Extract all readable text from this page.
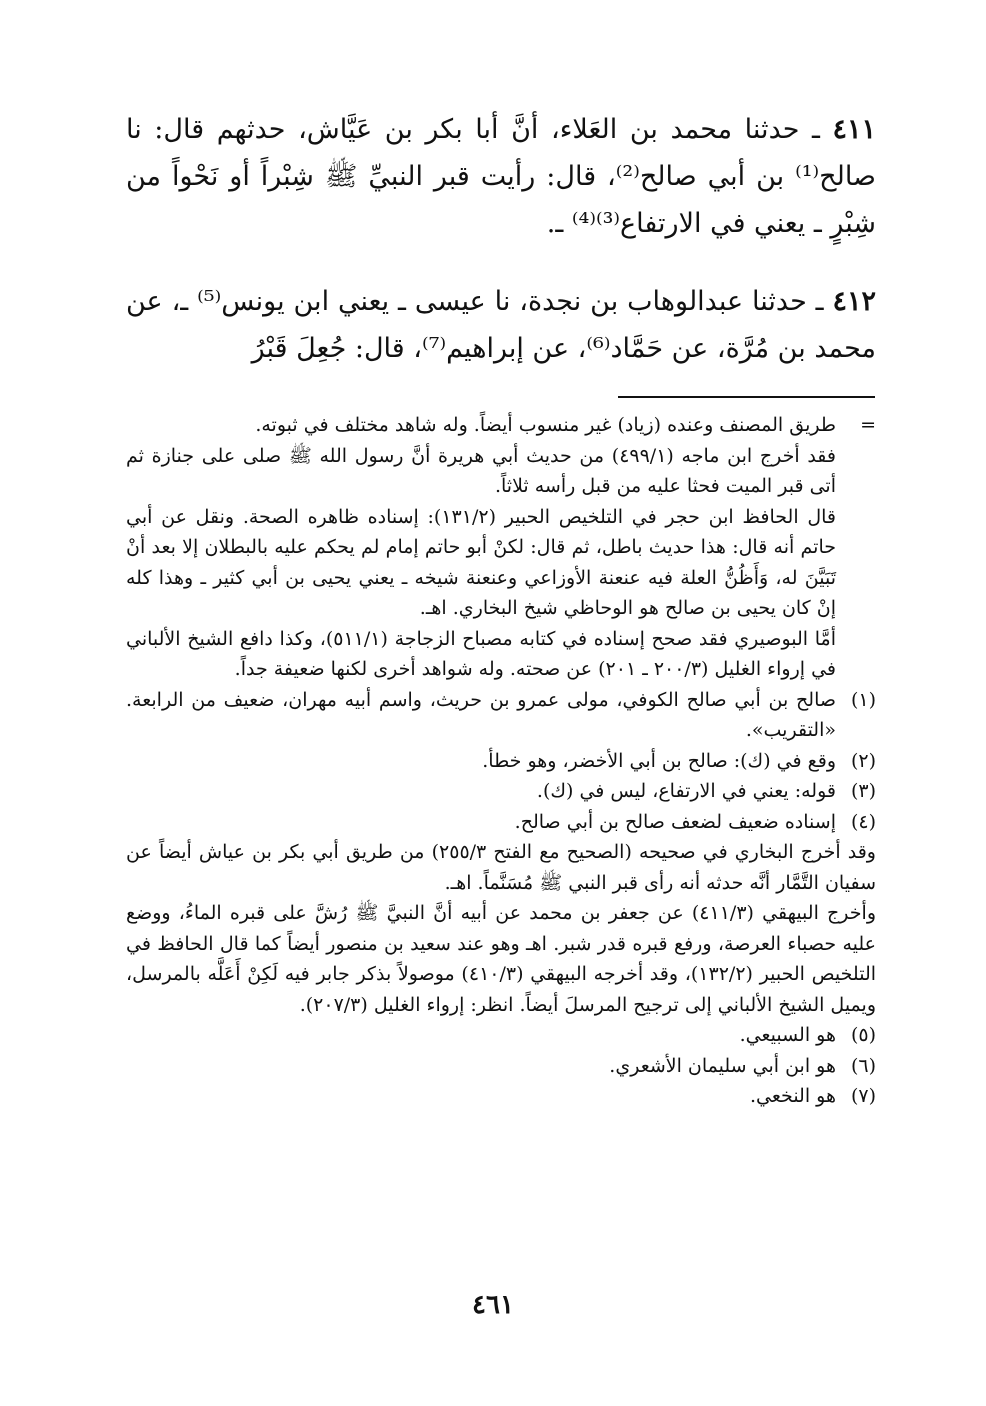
٤١١ ـ حدثنا محمد بن العَلاء، أنَّ أبا بكر بن عَيَّاش، حدثهم قال: نا صالح⁽¹⁾ بن أبي صالح⁽²⁾، قال: رأيت قبر النبيِّ ﷺ شِبْراً أو نَحْواً من شِبْرٍ ـ يعني في الارتفاع⁽³⁾⁽⁴⁾ ـ.
٤١٢ ـ حدثنا عبدالوهاب بن نجدة، نا عيسى ـ يعني ابن يونس⁽⁵⁾ ـ، عن محمد بن مُرَّة، عن حَمَّاد⁽⁶⁾، عن إبراهيم⁽⁷⁾، قال: جُعِلَ قَبْرُ
=

طريق المصنف وعنده (زياد) غير منسوب أيضاً. وله شاهد مختلف في ثبوته.

فقد أخرج ابن ماجه (٤٩٩/١) من حديث أبي هريرة أنَّ رسول الله ﷺ صلى على جنازة ثم أتى قبر الميت فحثا عليه من قبل رأسه ثلاثاً.

قال الحافظ ابن حجر في التلخيص الحبير (١٣١/٢): إسناده ظاهره الصحة. ونقل عن أبي حاتم أنه قال: هذا حديث باطل، ثم قال: لكنْ أبو حاتم إمام لم يحكم عليه بالبطلان إلا بعد أنْ تَبَيَّنَ له، وَأَظُنُّ العلة فيه عنعنة الأوزاعي وعنعنة شيخه ـ يعني يحيى بن أبي كثير ـ وهذا كله إنْ كان يحيى بن صالح هو الوحاظي شيخ البخاري. اهـ.

أمَّا البوصيري فقد صحح إسناده في كتابه مصباح الزجاجة (٥١١/١)، وكذا دافع الشيخ الألباني في إرواء الغليل (٢٠٠/٣ ـ ٢٠١) عن صحته. وله شواهد أخرى لكنها ضعيفة جداً.

(١)
صالح بن أبي صالح الكوفي، مولى عمرو بن حريث، واسم أبيه مهران، ضعيف من الرابعة. «التقريب».
(٢)
وقع في (ك): صالح بن أبي الأخضر، وهو خطأ.
(٣)
قوله: يعني في الارتفاع، ليس في (ك).
(٤)
إسناده ضعيف لضعف صالح بن أبي صالح.

وقد أخرج البخاري في صحيحه (الصحيح مع الفتح ٢٥٥/٣) من طريق أبي بكر بن عياش أيضاً عن سفيان التَّمَّار أنَّه حدثه أنه رأى قبر النبي ﷺ مُسَنَّماً. اهـ.

وأخرج البيهقي (٤١١/٣) عن جعفر بن محمد عن أبيه أنَّ النبيَّ ﷺ رُشَّ على قبره الماءُ، ووضع عليه حصباء العرصة، ورفع قبره قدر شبر. اهـ وهو عند سعيد بن منصور أيضاً كما قال الحافظ في التلخيص الحبير (١٣٢/٢)، وقد أخرجه البيهقي (٤١٠/٣) موصولاً بذكر جابر فيه لَكِنْ أَعَلَّه بالمرسل، ويميل الشيخ الألباني إلى ترجيح المرسلَ أيضاً. انظر: إرواء الغليل (٢٠٧/٣).

(٥)
هو السبيعي.
(٦)
هو ابن أبي سليمان الأشعري.
(٧)
هو النخعي.
٤٦١
